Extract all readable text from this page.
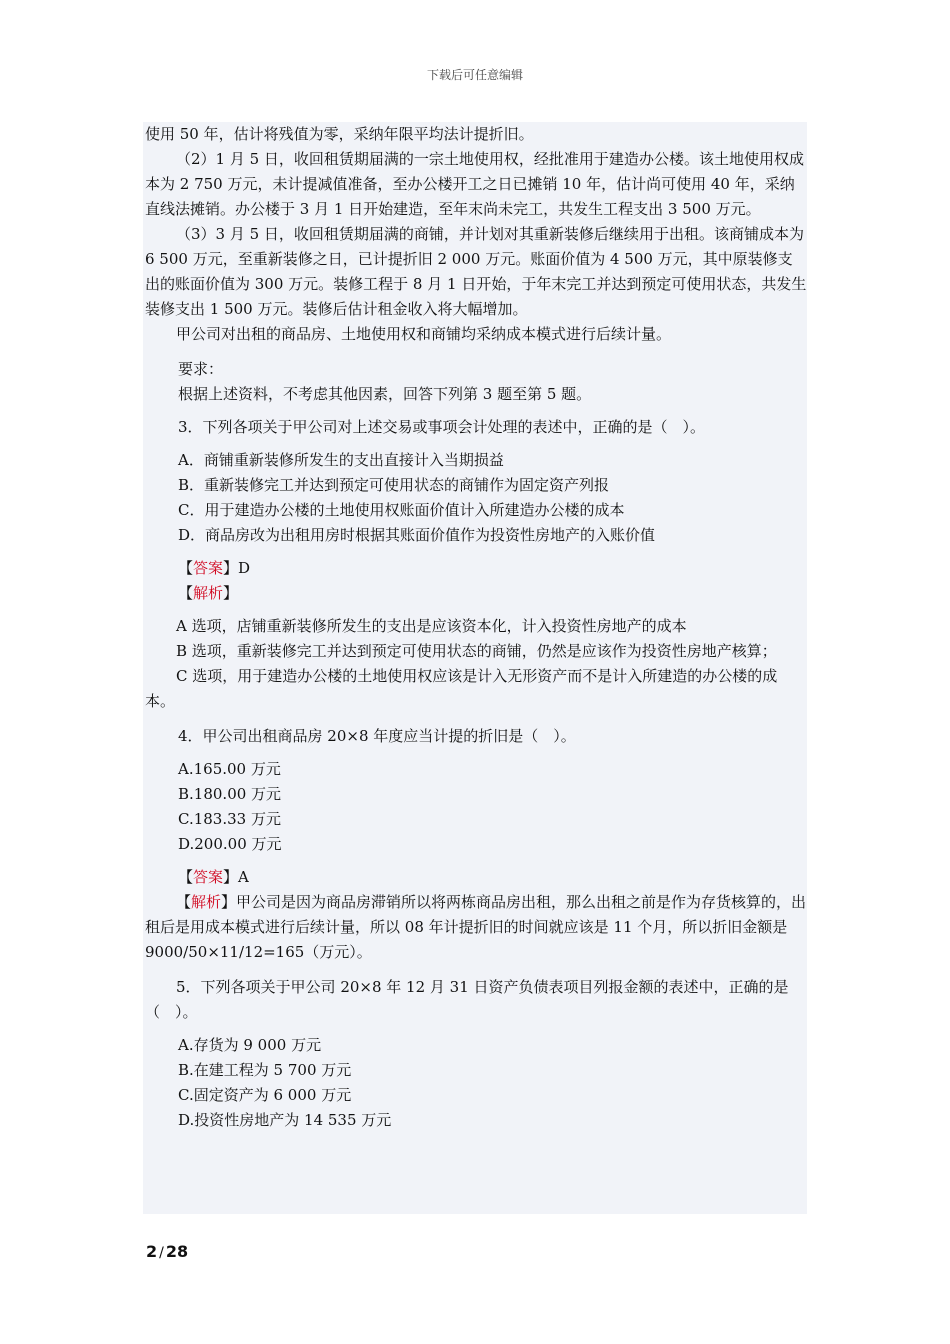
下载后可任意编辑

使用 50 年，估计将残值为零，采纳年限平均法计提折旧。

（2）1 月 5 日，收回租赁期届满的一宗土地使用权，经批准用于建造办公楼。该土地使用权成本为 2 750 万元，未计提减值准备，至办公楼开工之日已摊销 10 年，估计尚可使用 40 年，采纳直线法摊销。办公楼于 3 月 1 日开始建造，至年末尚未完工，共发生工程支出 3 500 万元。

（3）3 月 5 日，收回租赁期届满的商铺，并计划对其重新装修后继续用于出租。该商铺成本为 6 500 万元，至重新装修之日，已计提折旧 2 000 万元。账面价值为 4 500 万元，其中原装修支出的账面价值为 300 万元。装修工程于 8 月 1 日开始，于年末完工并达到预定可使用状态，共发生装修支出 1 500 万元。装修后估计租金收入将大幅增加。

甲公司对出租的商品房、土地使用权和商铺均采纳成本模式进行后续计量。

要求：

根据上述资料，不考虑其他因素，回答下列第 3 题至第 5 题。

3．下列各项关于甲公司对上述交易或事项会计处理的表述中，正确的是（　）。

A．商铺重新装修所发生的支出直接计入当期损益

B．重新装修完工并达到预定可使用状态的商铺作为固定资产列报

C．用于建造办公楼的土地使用权账面价值计入所建造办公楼的成本

D．商品房改为出租用房时根据其账面价值作为投资性房地产的入账价值

【答案】D

【解析】

A 选项，店铺重新装修所发生的支出是应该资本化，计入投资性房地产的成本

B 选项，重新装修完工并达到预定可使用状态的商铺，仍然是应该作为投资性房地产核算；

C 选项，用于建造办公楼的土地使用权应该是计入无形资产而不是计入所建造的办公楼的成本。

4．甲公司出租商品房 20×8 年度应当计提的折旧是（　）。

A.165.00 万元

B.180.00 万元

C.183.33 万元

D.200.00 万元

【答案】A

【解析】甲公司是因为商品房滞销所以将两栋商品房出租，那么出租之前是作为存货核算的，出租后是用成本模式进行后续计量，所以 08 年计提折旧的时间就应该是 11 个月，所以折旧金额是 9000/50×11/12=165（万元）。

5．下列各项关于甲公司 20×8 年 12 月 31 日资产负债表项目列报金额的表述中，正确的是（　）。

A.存货为 9 000 万元

B.在建工程为 5 700 万元

C.固定资产为 6 000 万元

D.投资性房地产为 14 535 万元

2 / 28
